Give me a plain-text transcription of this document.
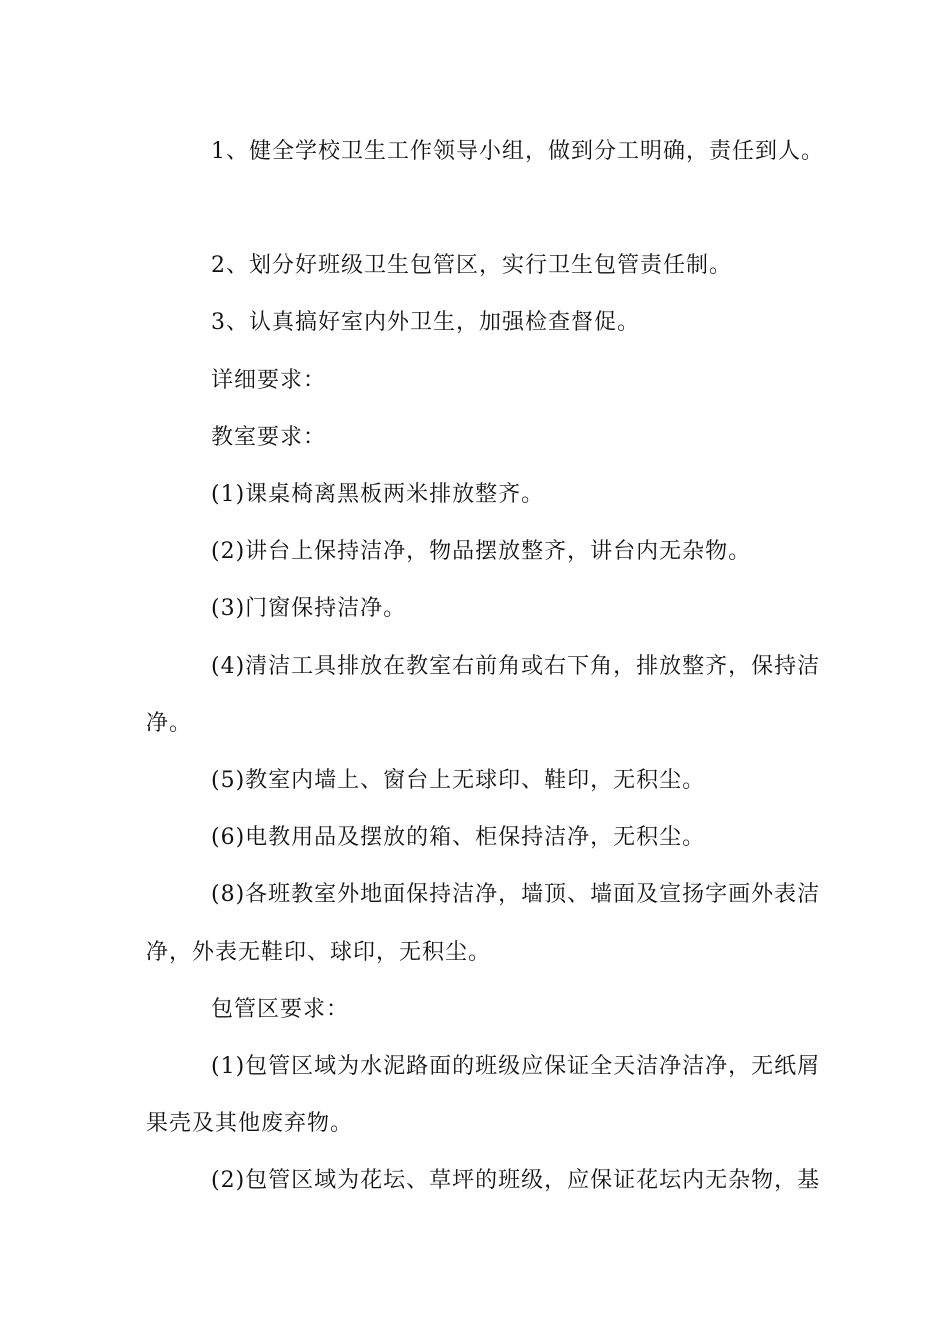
1、健全学校卫生工作领导小组，做到分工明确，责任到人。
2、划分好班级卫生包管区，实行卫生包管责任制。
3、认真搞好室内外卫生，加强检查督促。
详细要求：
教室要求：
(1)课桌椅离黑板两米排放整齐。
(2)讲台上保持洁净，物品摆放整齐，讲台内无杂物。
(3)门窗保持洁净。
(4)清洁工具排放在教室右前角或右下角，排放整齐，保持洁
净。
(5)教室内墙上、窗台上无球印、鞋印，无积尘。
(6)电教用品及摆放的箱、柜保持洁净，无积尘。
(8)各班教室外地面保持洁净，墙顶、墙面及宣扬字画外表洁
净，外表无鞋印、球印，无积尘。
包管区要求：
(1)包管区域为水泥路面的班级应保证全天洁净洁净，无纸屑
果壳及其他废弃物。
(2)包管区域为花坛、草坪的班级，应保证花坛内无杂物，基
